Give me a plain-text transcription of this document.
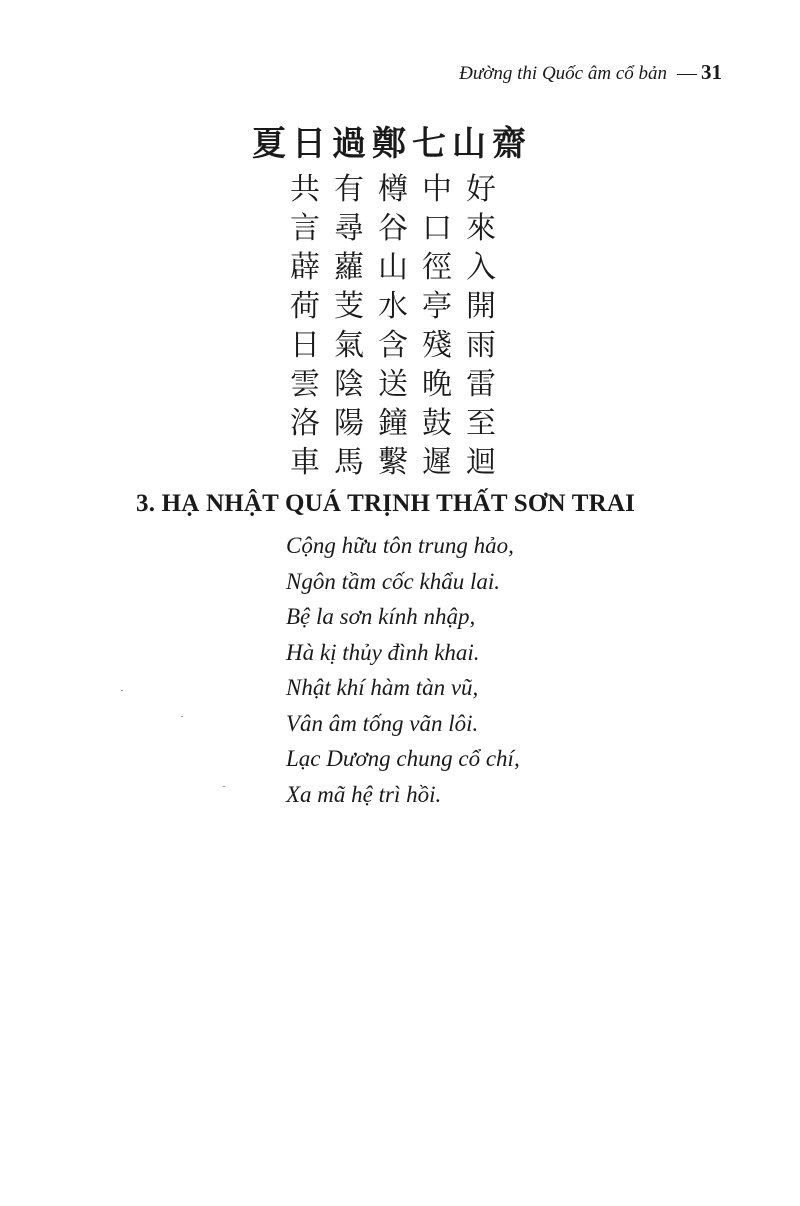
Đường thi Quốc âm cổ bản — 31
夏日過鄭七山齋
共 有 樽 中 好
言 尋 谷 口 來
薜 蘿 山 徑 入
荷 芰 水 亭 開
日 氣 含 殘 雨
雲 陰 送 晚 雷
洛 陽 鐘 鼓 至
車 馬 繫 遲 迴
3. HẠ NHẬT QUÁ TRỊNH THẤT SƠN TRAI
Cộng hữu tôn trung hảo,
Ngôn tầm cốc khẩu lai.
Bệ la sơn kính nhập,
Hà kị thủy đình khai.
Nhật khí hàm tàn vũ,
Vân âm tống vãn lôi.
Lạc Dương chung cổ chí,
Xa mã hệ trì hồi.
